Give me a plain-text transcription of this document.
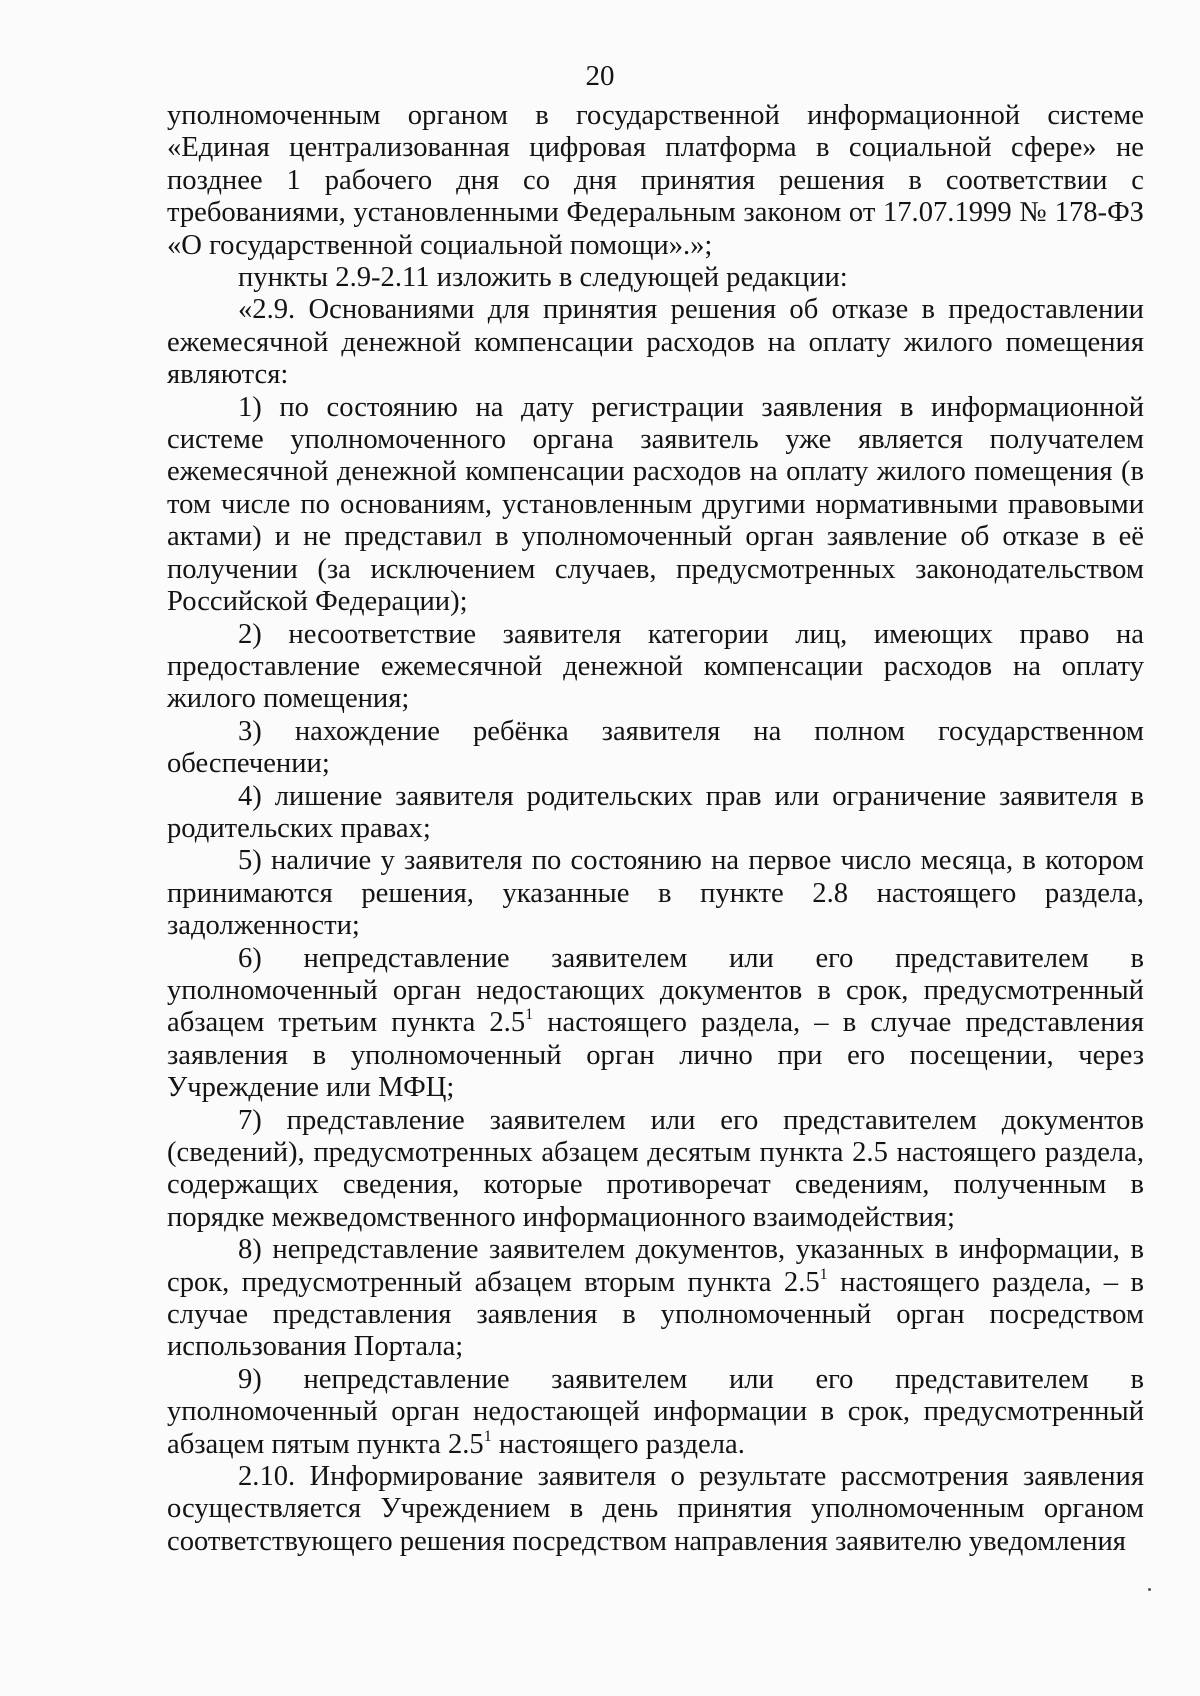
20

уполномоченным органом в государственной информационной системе «Единая централизованная цифровая платформа в социальной сфере» не позднее 1 рабочего дня со дня принятия решения в соответствии с требованиями, установленными Федеральным законом от 17.07.1999 № 178-ФЗ «О государственной социальной помощи».»;

пункты 2.9-2.11 изложить в следующей редакции:

«2.9. Основаниями для принятия решения об отказе в предоставлении ежемесячной денежной компенсации расходов на оплату жилого помещения являются:

1) по состоянию на дату регистрации заявления в информационной системе уполномоченного органа заявитель уже является получателем ежемесячной денежной компенсации расходов на оплату жилого помещения (в том числе по основаниям, установленным другими нормативными правовыми актами) и не представил в уполномоченный орган заявление об отказе в её получении (за исключением случаев, предусмотренных законодательством Российской Федерации);

2) несоответствие заявителя категории лиц, имеющих право на предоставление ежемесячной денежной компенсации расходов на оплату жилого помещения;

3) нахождение ребёнка заявителя на полном государственном обеспечении;

4) лишение заявителя родительских прав или ограничение заявителя в родительских правах;

5) наличие у заявителя по состоянию на первое число месяца, в котором принимаются решения, указанные в пункте 2.8 настоящего раздела, задолженности;

6) непредставление заявителем или его представителем в уполномоченный орган недостающих документов в срок, предусмотренный абзацем третьим пункта $2.5^1$ настоящего раздела, – в случае представления заявления в уполномоченный орган лично при его посещении, через Учреждение или МФЦ;

7) представление заявителем или его представителем документов (сведений), предусмотренных абзацем десятым пункта 2.5 настоящего раздела, содержащих сведения, которые противоречат сведениям, полученным в порядке межведомственного информационного взаимодействия;

8) непредставление заявителем документов, указанных в информации, в срок, предусмотренный абзацем вторым пункта $2.5^1$ настоящего раздела, – в случае представления заявления в уполномоченный орган посредством использования Портала;

9) непредставление заявителем или его представителем в уполномоченный орган недостающей информации в срок, предусмотренный абзацем пятым пункта $2.5^1$ настоящего раздела.

2.10. Информирование заявителя о результате рассмотрения заявления осуществляется Учреждением в день принятия уполномоченным органом соответствующего решения посредством направления заявителю уведомления
